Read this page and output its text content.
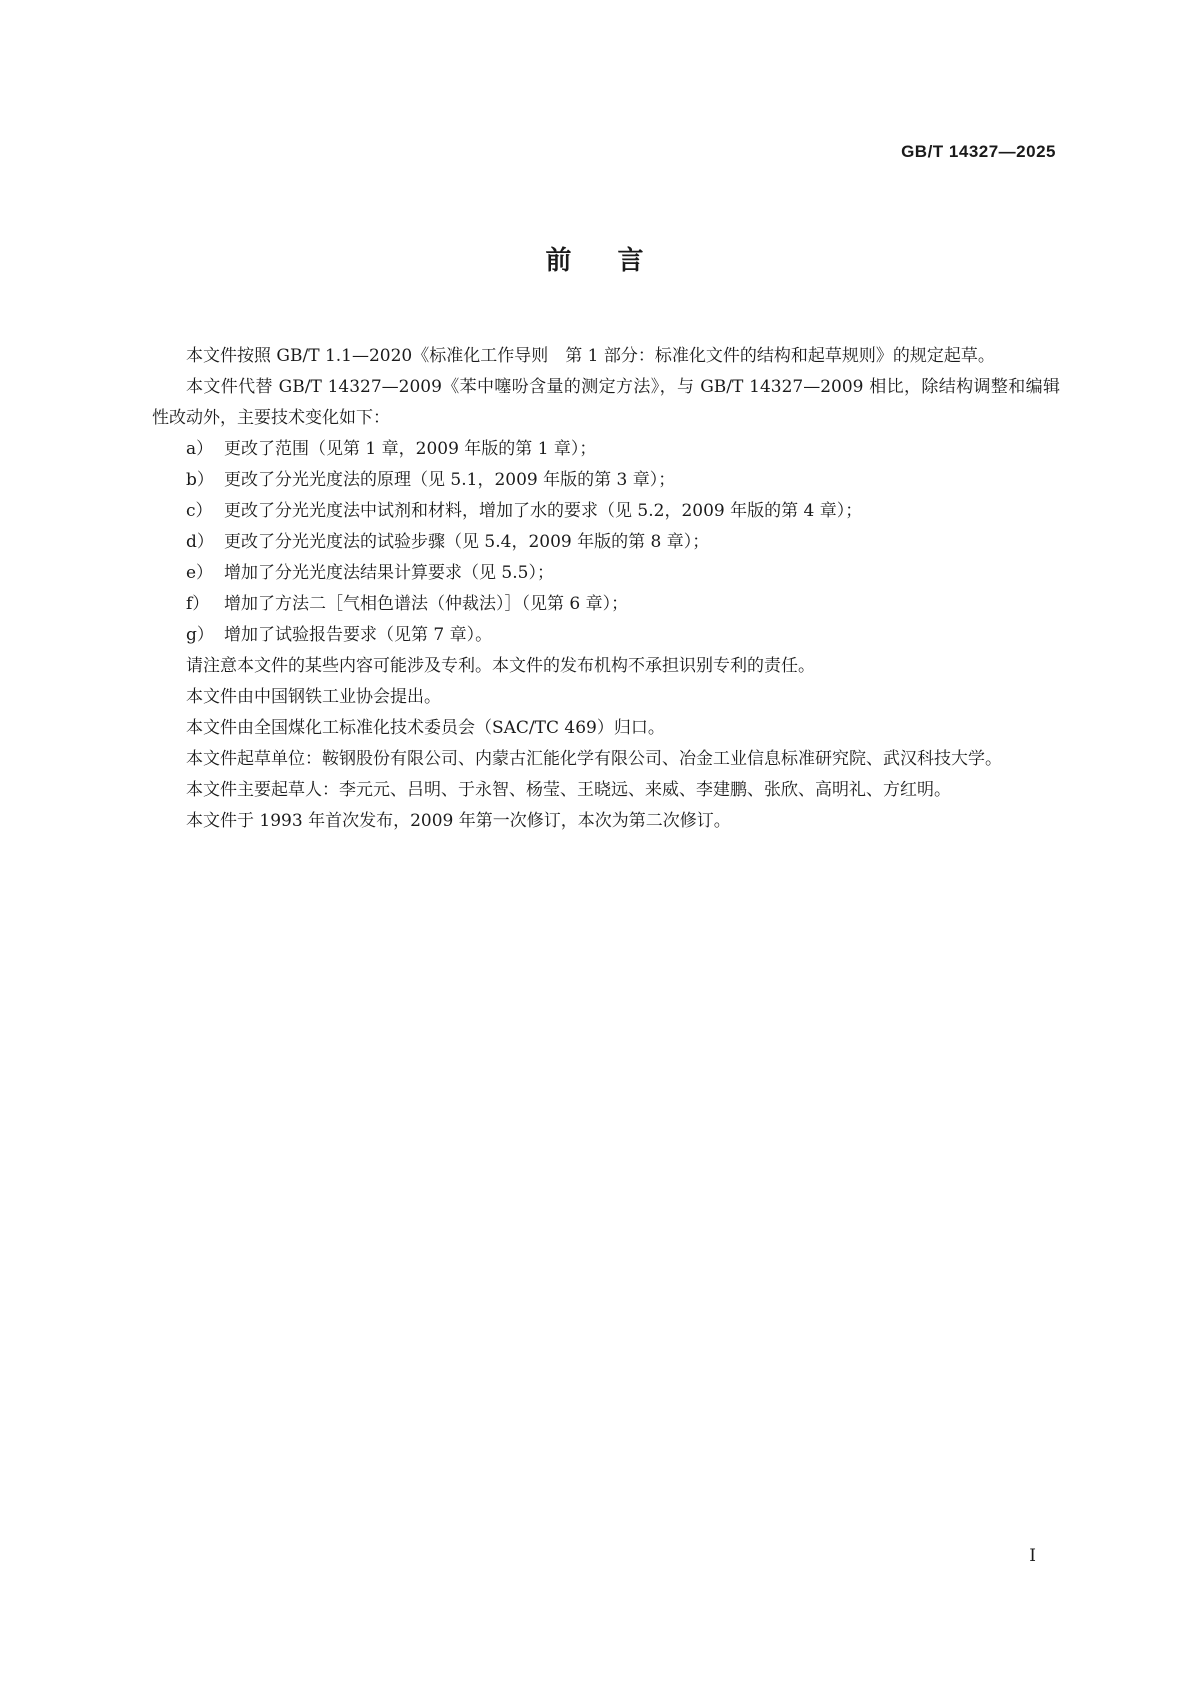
GB/T 14327—2025
前 言

本文件按照 GB/T 1.1—2020《标准化工作导则　第 1 部分：标准化文件的结构和起草规则》的规定起草。

本文件代替 GB/T 14327—2009《苯中噻吩含量的测定方法》，与 GB/T 14327—2009 相比，除结构调整和编辑性改动外，主要技术变化如下：

a） 更改了范围（见第 1 章，2009 年版的第 1 章）；
b） 更改了分光光度法的原理（见 5.1，2009 年版的第 3 章）；
c） 更改了分光光度法中试剂和材料，增加了水的要求（见 5.2，2009 年版的第 4 章）；
d） 更改了分光光度法的试验步骤（见 5.4，2009 年版的第 8 章）；
e） 增加了分光光度法结果计算要求（见 5.5）；
f） 增加了方法二［气相色谱法（仲裁法）］（见第 6 章）；
g） 增加了试验报告要求（见第 7 章）。

请注意本文件的某些内容可能涉及专利。本文件的发布机构不承担识别专利的责任。

本文件由中国钢铁工业协会提出。

本文件由全国煤化工标准化技术委员会（SAC/TC 469）归口。

本文件起草单位：鞍钢股份有限公司、内蒙古汇能化学有限公司、冶金工业信息标准研究院、武汉科技大学。

本文件主要起草人：李元元、吕明、于永智、杨莹、王晓远、来威、李建鹏、张欣、高明礼、方红明。

本文件于 1993 年首次发布，2009 年第一次修订，本次为第二次修订。

Ⅰ
